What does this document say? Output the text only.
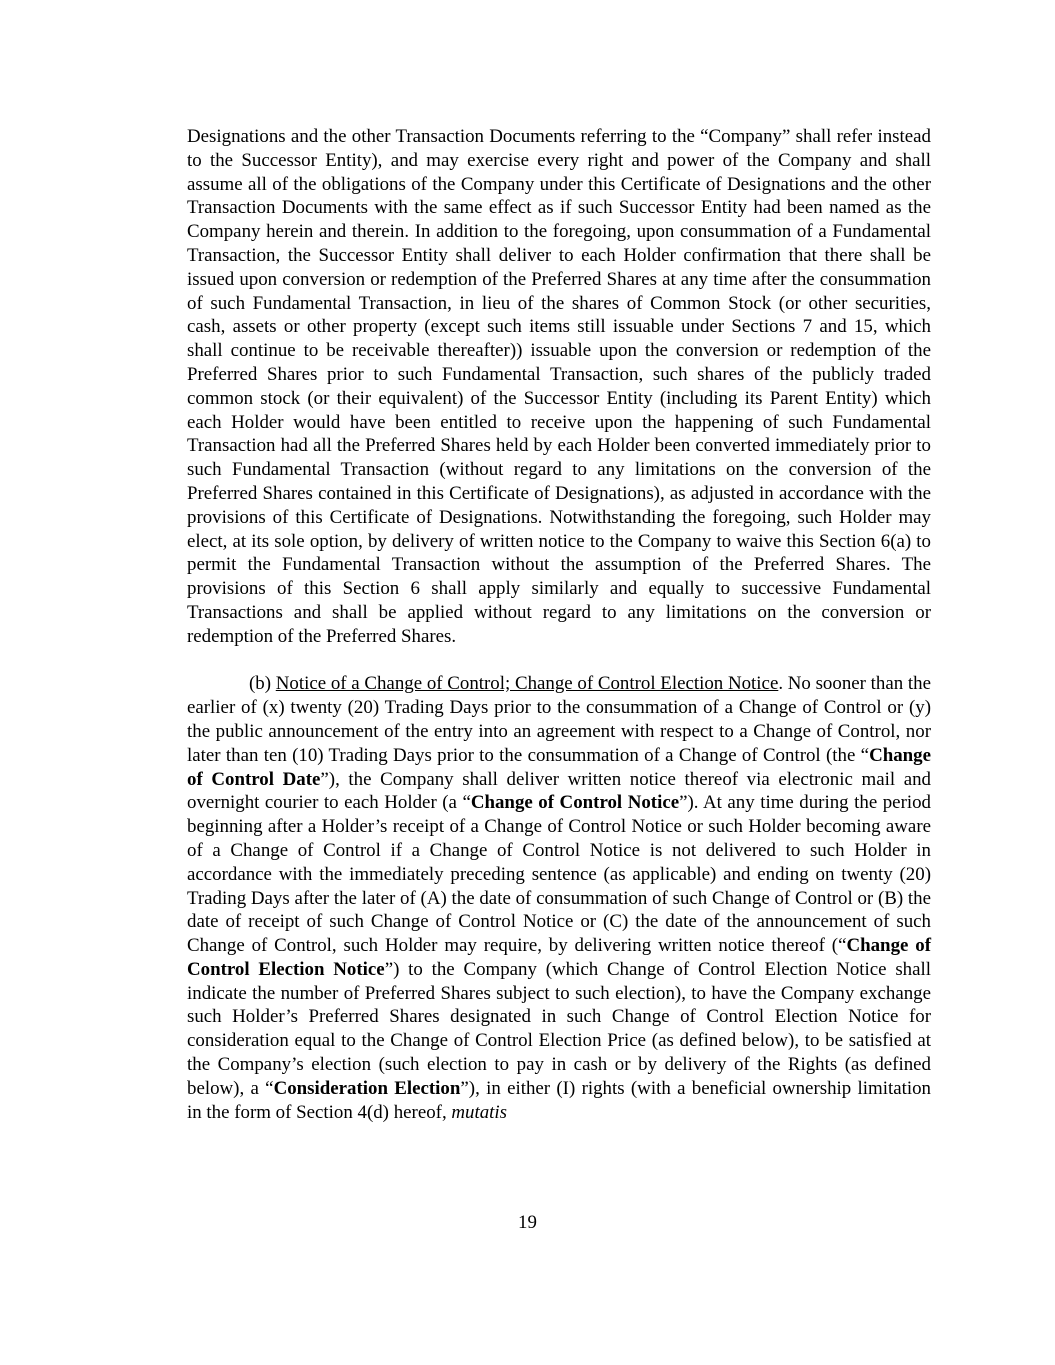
Designations and the other Transaction Documents referring to the “Company” shall refer instead to the Successor Entity), and may exercise every right and power of the Company and shall assume all of the obligations of the Company under this Certificate of Designations and the other Transaction Documents with the same effect as if such Successor Entity had been named as the Company herein and therein. In addition to the foregoing, upon consummation of a Fundamental Transaction, the Successor Entity shall deliver to each Holder confirmation that there shall be issued upon conversion or redemption of the Preferred Shares at any time after the consummation of such Fundamental Transaction, in lieu of the shares of Common Stock (or other securities, cash, assets or other property (except such items still issuable under Sections 7 and 15, which shall continue to be receivable thereafter)) issuable upon the conversion or redemption of the Preferred Shares prior to such Fundamental Transaction, such shares of the publicly traded common stock (or their equivalent) of the Successor Entity (including its Parent Entity) which each Holder would have been entitled to receive upon the happening of such Fundamental Transaction had all the Preferred Shares held by each Holder been converted immediately prior to such Fundamental Transaction (without regard to any limitations on the conversion of the Preferred Shares contained in this Certificate of Designations), as adjusted in accordance with the provisions of this Certificate of Designations. Notwithstanding the foregoing, such Holder may elect, at its sole option, by delivery of written notice to the Company to waive this Section 6(a) to permit the Fundamental Transaction without the assumption of the Preferred Shares. The provisions of this Section 6 shall apply similarly and equally to successive Fundamental Transactions and shall be applied without regard to any limitations on the conversion or redemption of the Preferred Shares.

(b) Notice of a Change of Control; Change of Control Election Notice. No sooner than the earlier of (x) twenty (20) Trading Days prior to the consummation of a Change of Control or (y) the public announcement of the entry into an agreement with respect to a Change of Control, nor later than ten (10) Trading Days prior to the consummation of a Change of Control (the “Change of Control Date”), the Company shall deliver written notice thereof via electronic mail and overnight courier to each Holder (a “Change of Control Notice”). At any time during the period beginning after a Holder’s receipt of a Change of Control Notice or such Holder becoming aware of a Change of Control if a Change of Control Notice is not delivered to such Holder in accordance with the immediately preceding sentence (as applicable) and ending on twenty (20) Trading Days after the later of (A) the date of consummation of such Change of Control or (B) the date of receipt of such Change of Control Notice or (C) the date of the announcement of such Change of Control, such Holder may require, by delivering written notice thereof (“Change of Control Election Notice”) to the Company (which Change of Control Election Notice shall indicate the number of Preferred Shares subject to such election), to have the Company exchange such Holder’s Preferred Shares designated in such Change of Control Election Notice for consideration equal to the Change of Control Election Price (as defined below), to be satisfied at the Company’s election (such election to pay in cash or by delivery of the Rights (as defined below), a “Consideration Election”), in either (I) rights (with a beneficial ownership limitation in the form of Section 4(d) hereof, mutatis

19
